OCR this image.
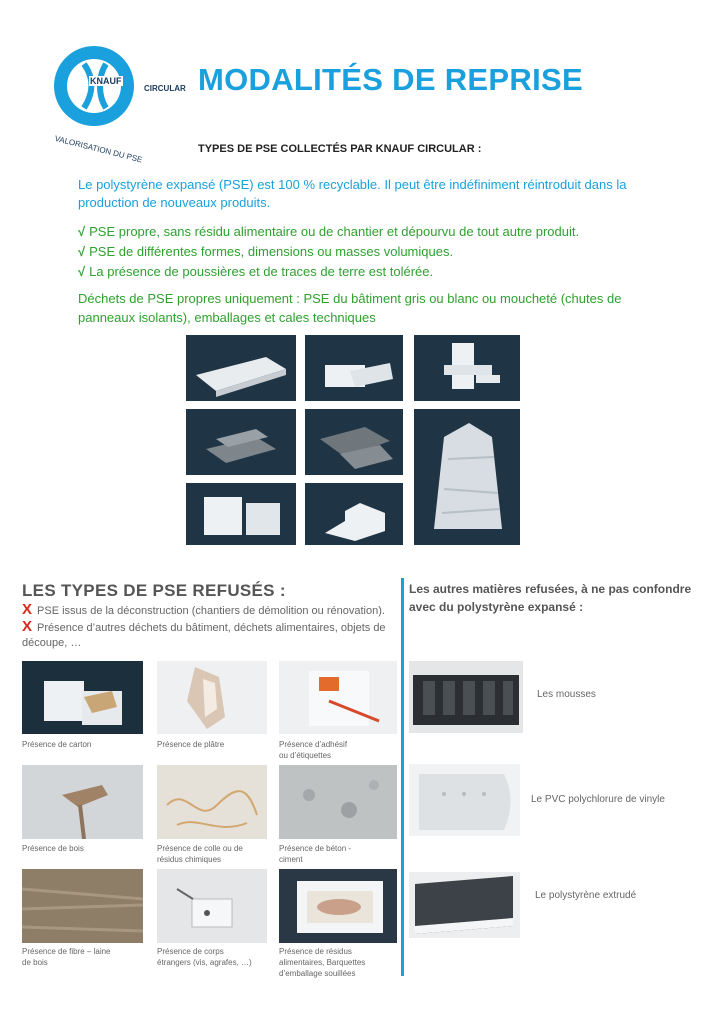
KNAUF
CIRCULAR
VALORISATION DU PSE
MODALITÉS DE REPRISE
TYPES DE PSE COLLECTÉS PAR KNAUF CIRCULAR :
Le polystyrène expansé (PSE) est 100 % recyclable. Il peut être indéfiniment réintroduit dans la production de nouveaux produits.
√ PSE propre, sans résidu alimentaire ou de chantier et dépourvu de tout autre produit.
√ PSE de différentes formes, dimensions ou masses volumiques.
√ La présence de poussières et de traces de terre est tolérée.
Déchets de PSE propres uniquement : PSE du bâtiment gris ou blanc ou moucheté (chutes de panneaux isolants), emballages et cales techniques
LES TYPES DE PSE REFUSÉS :
X PSE issus de la déconstruction (chantiers de démolition ou rénovation).
X Présence d’autres déchets du bâtiment, déchets alimentaires, objets de découpe, …
Présence de carton	Présence de plâtre	Présence d’adhésif
ou d’étiquettes
Présence de bois	Présence de colle ou de
résidus chimiques
Présence de béton -
ciment
Présence de fibre – laine
de bois
Présence de corps
étrangers (vis, agrafes, …)
Présence de résidus
alimentaires, Barquettes
d’emballage souillées
Les autres matières refusées, à ne pas confondre avec du polystyrène expansé :
Les mousses
Le PVC polychlorure de vinyle
Le polystyrène extrudé
